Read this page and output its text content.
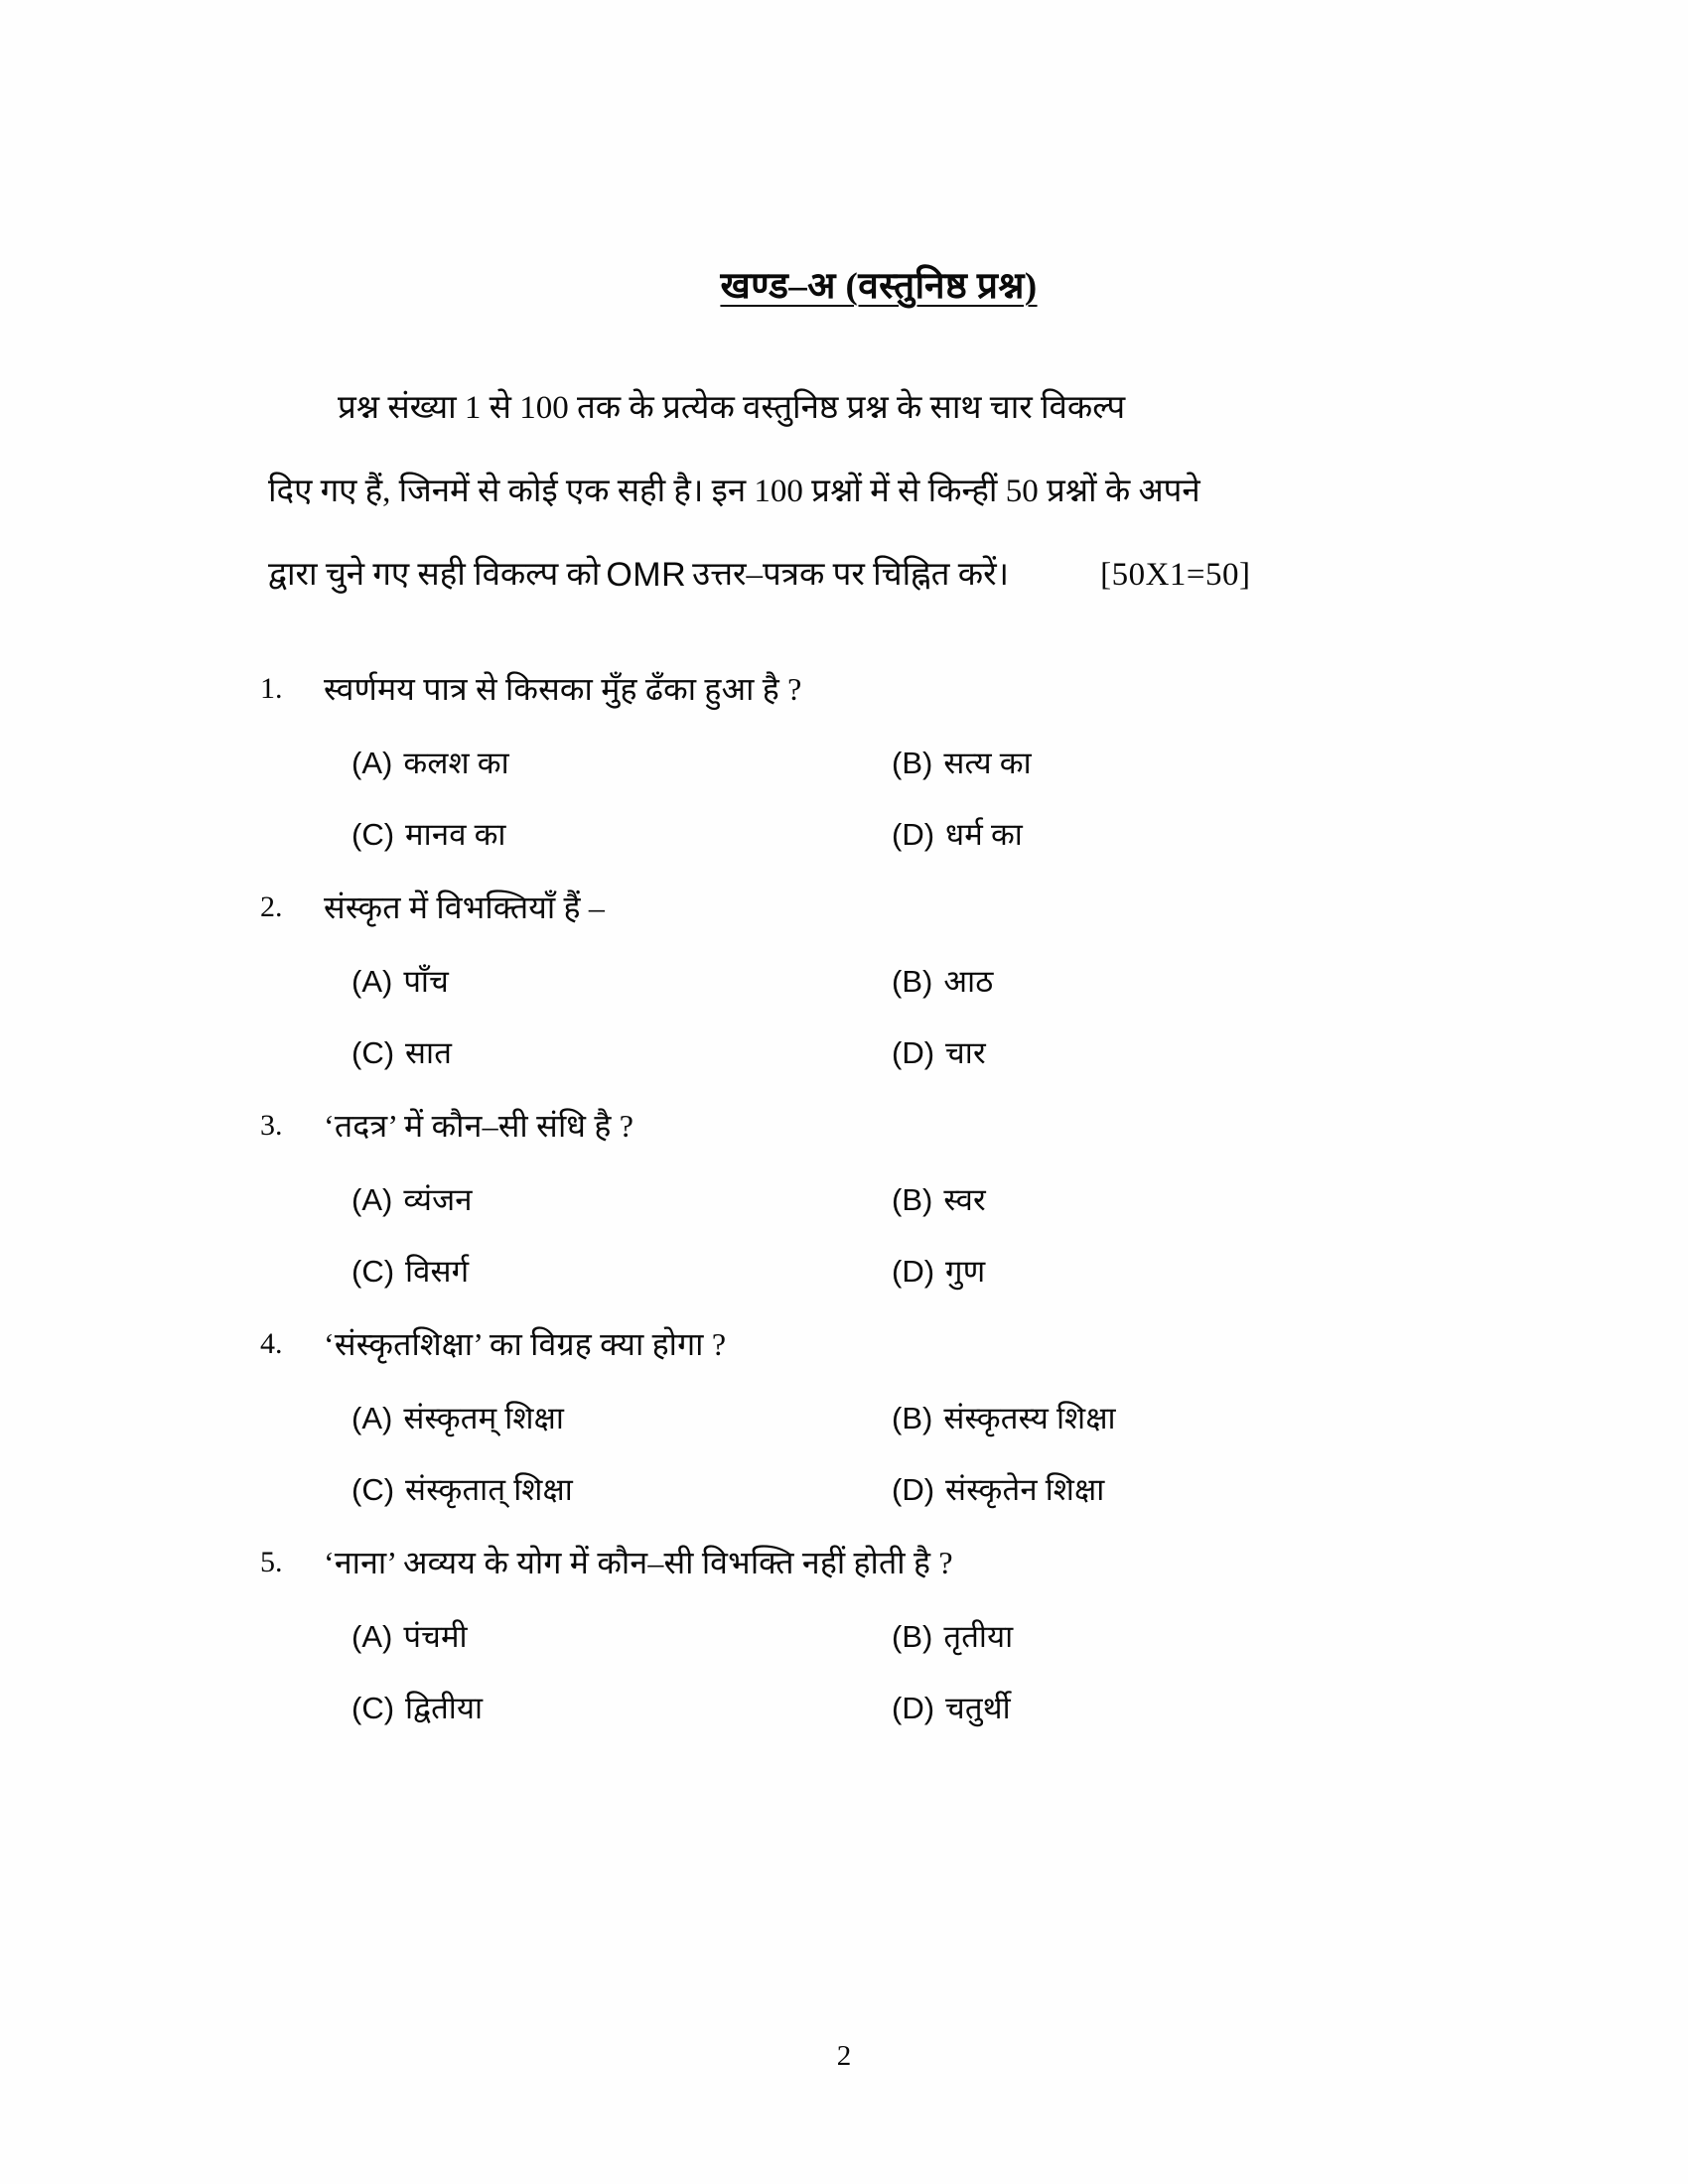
खण्ड–अ (वस्तुनिष्ठ प्रश्न)
प्रश्न संख्या 1 से 100 तक के प्रत्येक वस्तुनिष्ठ प्रश्न के साथ चार विकल्प
दिए गए हैं, जिनमें से कोई एक सही है। इन 100 प्रश्नों में से किन्हीं 50 प्रश्नों के अपने
द्वारा चुने गए सही विकल्प को OMR उत्तर–पत्रक पर चिह्नित करें।	[50X1=50]
1.	स्वर्णमय पात्र से किसका मुँह ढँका हुआ है ?
(A) कलश का	(B) सत्य का
(C) मानव का	(D) धर्म का
2.	संस्कृत में विभक्तियाँ हैं –
(A) पाँच	(B) आठ
(C) सात	(D) चार
3.	‘तदत्र’ में कौन–सी संधि है ?
(A) व्यंजन	(B) स्वर
(C) विसर्ग	(D) गुण
4.	‘संस्कृतशिक्षा’ का विग्रह क्या होगा ?
(A) संस्कृतम् शिक्षा	(B) संस्कृतस्य शिक्षा
(C) संस्कृतात् शिक्षा	(D) संस्कृतेन शिक्षा
5.	‘नाना’ अव्यय के योग में कौन–सी विभक्ति नहीं होती है ?
(A) पंचमी	(B) तृतीया
(C) द्वितीया	(D) चतुर्थी
2
